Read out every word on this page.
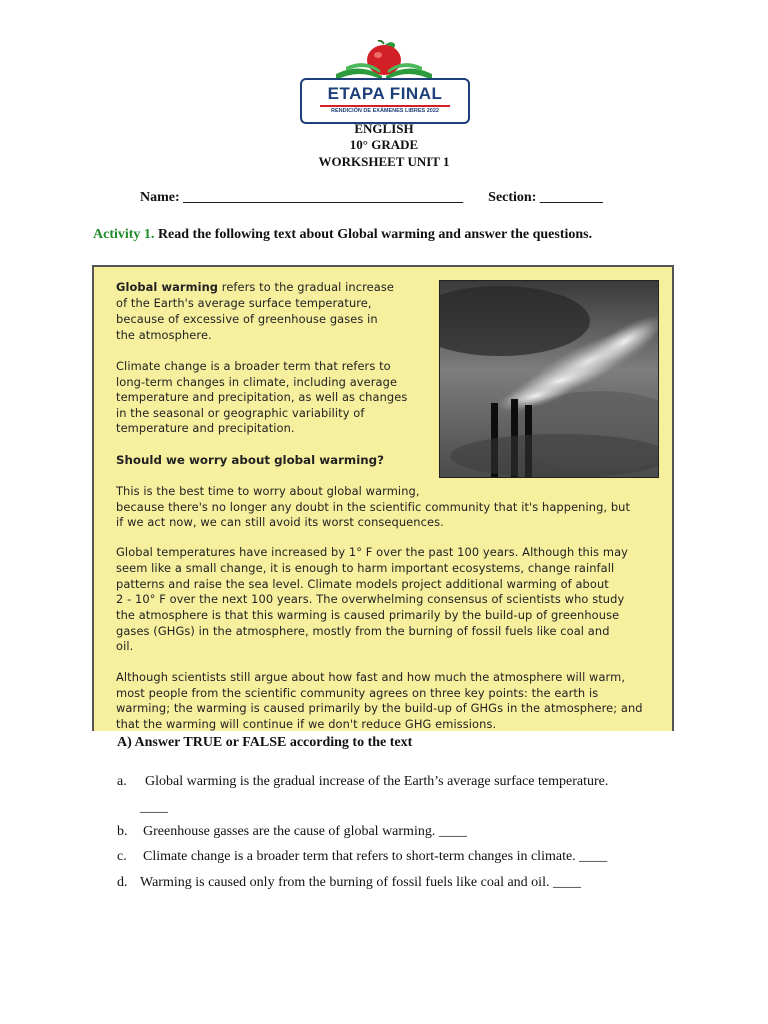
ETAPA FINAL
RENDICIÓN DE EXÁMENES LIBRES 2022
ENGLISH
10° GRADE
WORKSHEET UNIT 1
Name: ________________________________________ Section: _________
Activity 1. Read the following text about Global warming and answer the questions.
Global warming refers to the gradual increase
of the Earth's average surface temperature,
because of excessive of greenhouse gases in
the atmosphere.
Climate change is a broader term that refers to
long-term changes in climate, including average
temperature and precipitation, as well as changes
in the seasonal or geographic variability of
temperature and precipitation.
Should we worry about global warming?
This is the best time to worry about global warming,
because there's no longer any doubt in the scientific community that it's happening, but
if we act now, we can still avoid its worst consequences.
Global temperatures have increased by 1° F over the past 100 years. Although this may
seem like a small change, it is enough to harm important ecosystems, change rainfall
patterns and raise the sea level. Climate models project additional warming of about
2 - 10° F over the next 100 years. The overwhelming consensus of scientists who study
the atmosphere is that this warming is caused primarily by the build-up of greenhouse
gases (GHGs) in the atmosphere, mostly from the burning of fossil fuels like coal and
oil.
Although scientists still argue about how fast and how much the atmosphere will warm,
most people from the scientific community agrees on three key points: the earth is
warming; the warming is caused primarily by the build-up of GHGs in the atmosphere; and
that the warming will continue if we don't reduce GHG emissions.
A) Answer TRUE or FALSE according to the text
a. Global warming is the gradual increase of the Earth’s average surface temperature.
____
b. Greenhouse gasses are the cause of global warming. ____
c. Climate change is a broader term that refers to short-term changes in climate. ____
d. Warming is caused only from the burning of fossil fuels like coal and oil. ____
